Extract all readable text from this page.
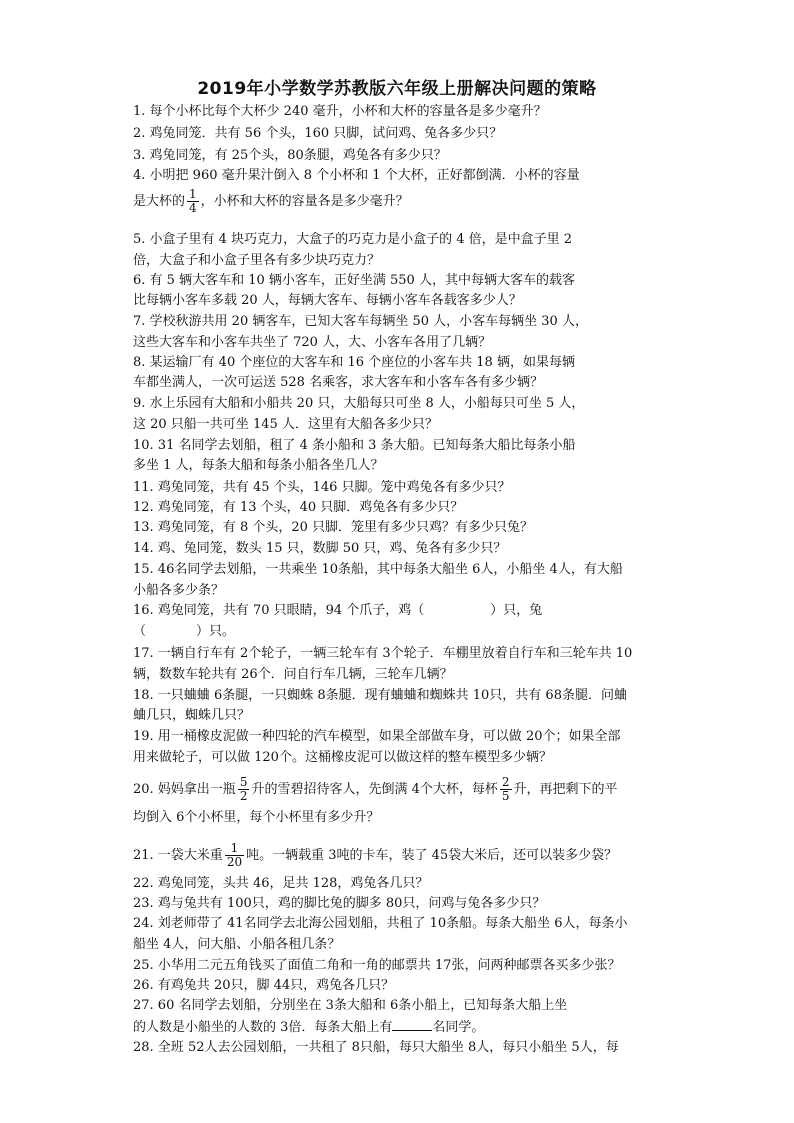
2019年小学数学苏教版六年级上册解决问题的策略
1. 每个小杯比每个大杯少 240 毫升，小杯和大杯的容量各是多少毫升？
2. 鸡兔同笼．共有 56 个头，160 只脚，试问鸡、兔各多少只？
3. 鸡兔同笼，有 25个头，80条腿，鸡兔各有多少只？
4. 小明把 960 毫升果汁倒入 8 个小杯和 1 个大杯，正好都倒满．小杯的容量
是大杯的 $\frac{1}{4}$ ，小杯和大杯的容量各是多少毫升？
5. 小盒子里有 4 块巧克力，大盒子的巧克力是小盒子的 4 倍，是中盒子里 2
倍，大盒子和小盒子里各有多少块巧克力？
6. 有 5 辆大客车和 10 辆小客车，正好坐满 550 人，其中每辆大客车的载客
比每辆小客车多载 20 人，每辆大客车、每辆小客车各载客多少人？
7. 学校秋游共用 20 辆客车，已知大客车每辆坐 50 人，小客车每辆坐 30 人，
这些大客车和小客车共坐了 720 人，大、小客车各用了几辆？
8. 某运输厂有 40 个座位的大客车和 16 个座位的小客车共 18 辆，如果每辆
车都坐满人，一次可运送 528 名乘客，求大客车和小客车各有多少辆？
9. 水上乐园有大船和小船共 20 只，大船每只可坐 8 人，小船每只可坐 5 人，
这 20 只船一共可坐 145 人．这里有大船各多少只？
10. 31 名同学去划船，租了 4 条小船和 3 条大船。已知每条大船比每条小船
多坐 1 人，每条大船和每条小船各坐几人？
11. 鸡兔同笼，共有 45 个头，146 只脚。笼中鸡兔各有多少只？
12. 鸡兔同笼，有 13 个头，40 只脚．鸡兔各有多少只？
13. 鸡兔同笼，有 8 个头，20 只脚．笼里有多少只鸡？有多少只兔？
14. 鸡、兔同笼，数头 15 只，数脚 50 只，鸡、兔各有多少只？
15. 46名同学去划船，一共乘坐 10条船，其中每条大船坐 6人，小船坐 4人，有大船
小船各多少条？
16. 鸡兔同笼，共有 70 只眼睛，94 个爪子，鸡（	）只，兔
（	）只。
17. 一辆自行车有 2个轮子，一辆三轮车有 3个轮子．车棚里放着自行车和三轮车共 10
辆，数数车轮共有 26个．问自行车几辆，三轮车几辆？
18. 一只蛐蛐 6条腿，一只蜘蛛 8条腿．现有蛐蛐和蜘蛛共 10只，共有 68条腿．问蛐
蛐几只，蜘蛛几只？
19. 用一桶橡皮泥做一种四轮的汽车模型，如果全部做车身，可以做 20个；如果全部
用来做轮子，可以做 120个。这桶橡皮泥可以做这样的整车模型多少辆？
20. 妈妈拿出一瓶 $\frac{5}{2}$ 升的雪碧招待客人，先倒满 4个大杯，每杯 $\frac{2}{5}$ 升，再把剩下的平
均倒入 6个小杯里，每个小杯里有多少升？
21. 一袋大米重 $\frac{1}{20}$ 吨。一辆载重 3吨的卡车，装了 45袋大米后，还可以装多少袋？
22. 鸡兔同笼，头共 46，足共 128，鸡兔各几只？
23. 鸡与兔共有 100只，鸡的脚比兔的脚多 80只，问鸡与兔各多少只？
24. 刘老师带了 41名同学去北海公园划船，共租了 10条船。每条大船坐 6人，每条小
船坐 4人，问大船、小船各租几条？
25. 小华用二元五角钱买了面值二角和一角的邮票共 17张，问两种邮票各买多少张？
26. 有鸡兔共 20只，脚 44只，鸡兔各几只？
27. 60 名同学去划船，分别坐在 3条大船和 6条小船上，已知每条大船上坐
的人数是小船坐的人数的 3倍．每条大船上有	名同学。
28. 全班 52人去公园划船，一共租了 8只船，每只大船坐 8人，每只小船坐 5人，每
